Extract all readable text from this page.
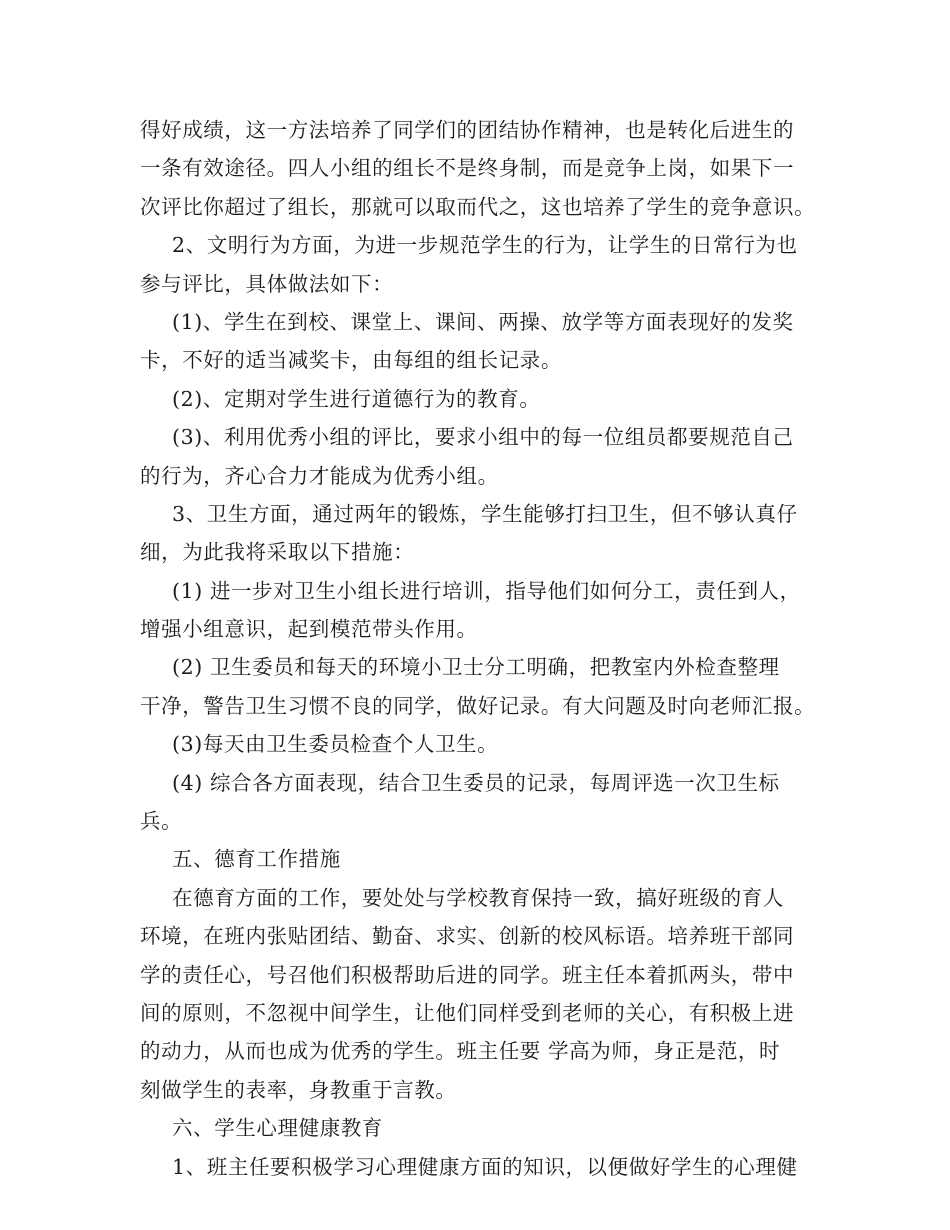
得好成绩，这一方法培养了同学们的团结协作精神，也是转化后进生的
一条有效途径。四人小组的组长不是终身制，而是竞争上岗，如果下一
次评比你超过了组长，那就可以取而代之，这也培养了学生的竞争意识。
2、文明行为方面，为进一步规范学生的行为，让学生的日常行为也
参与评比，具体做法如下：
(1)、学生在到校、课堂上、课间、两操、放学等方面表现好的发奖
卡，不好的适当减奖卡，由每组的组长记录。
(2)、定期对学生进行道德行为的教育。
(3)、利用优秀小组的评比，要求小组中的每一位组员都要规范自己
的行为，齐心合力才能成为优秀小组。
3、卫生方面，通过两年的锻炼，学生能够打扫卫生，但不够认真仔
细，为此我将采取以下措施：
(1) 进一步对卫生小组长进行培训，指导他们如何分工，责任到人，
增强小组意识，起到模范带头作用。
(2) 卫生委员和每天的环境小卫士分工明确，把教室内外检查整理
干净，警告卫生习惯不良的同学，做好记录。有大问题及时向老师汇报。
(3)每天由卫生委员检查个人卫生。
(4) 综合各方面表现，结合卫生委员的记录，每周评选一次卫生标
兵。
五、德育工作措施
在德育方面的工作，要处处与学校教育保持一致，搞好班级的育人
环境，在班内张贴团结、勤奋、求实、创新的校风标语。培养班干部同
学的责任心，号召他们积极帮助后进的同学。班主任本着抓两头，带中
间的原则，不忽视中间学生，让他们同样受到老师的关心，有积极上进
的动力，从而也成为优秀的学生。班主任要 学高为师，身正是范，时
刻做学生的表率，身教重于言教。
六、学生心理健康教育
1、班主任要积极学习心理健康方面的知识，以便做好学生的心理健
